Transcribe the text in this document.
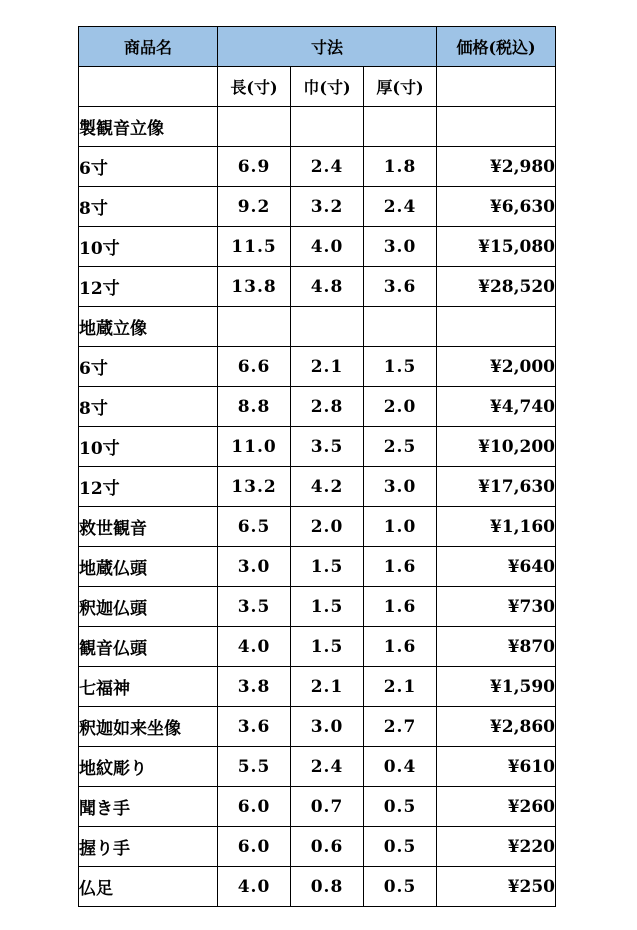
商品名	寸法			価格(税込)
	長(寸)	巾(寸)	厚(寸)	
製観音立像				
6寸	6.9	2.4	1.8	¥2,980
8寸	9.2	3.2	2.4	¥6,630
10寸	11.5	4.0	3.0	¥15,080
12寸	13.8	4.8	3.6	¥28,520
地蔵立像				
6寸	6.6	2.1	1.5	¥2,000
8寸	8.8	2.8	2.0	¥4,740
10寸	11.0	3.5	2.5	¥10,200
12寸	13.2	4.2	3.0	¥17,630
救世観音	6.5	2.0	1.0	¥1,160
地蔵仏頭	3.0	1.5	1.6	¥640
釈迦仏頭	3.5	1.5	1.6	¥730
観音仏頭	4.0	1.5	1.6	¥870
七福神	3.8	2.1	2.1	¥1,590
釈迦如来坐像	3.6	3.0	2.7	¥2,860
地紋彫り	5.5	2.4	0.4	¥610
聞き手	6.0	0.7	0.5	¥260
握り手	6.0	0.6	0.5	¥220
仏足	4.0	0.8	0.5	¥250
